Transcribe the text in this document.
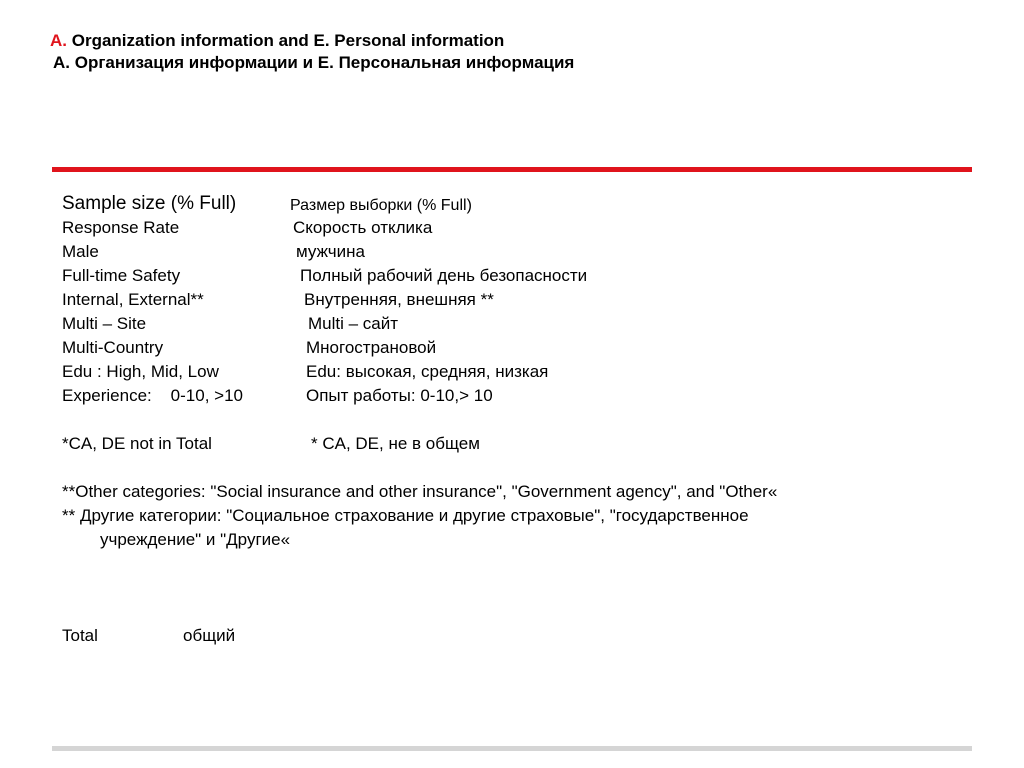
A. Organization information and E. Personal information
А. Организация информации и Е. Персональная информация
Sample size (% Full)	Размер выборки (% Full)
Response Rate	Скорость отклика
Male	мужчина
Full-time Safety	Полный рабочий день безопасности
Internal, External**	Внутренняя, внешняя **
Multi – Site	Multi – сайт
Multi-Country	Многострановой
Edu : High, Mid, Low	Edu: высокая, средняя, низкая
Experience:    0-10, >10	Опыт работы: 0-10,> 10
*CA, DE not in Total	* CA, DE, не в общем
**Other categories: "Social insurance and other insurance", "Government agency", and "Other«
** Другие категории: "Социальное страхование и другие страховые", "государственное
учреждение" и "Другие«
Total	общий
